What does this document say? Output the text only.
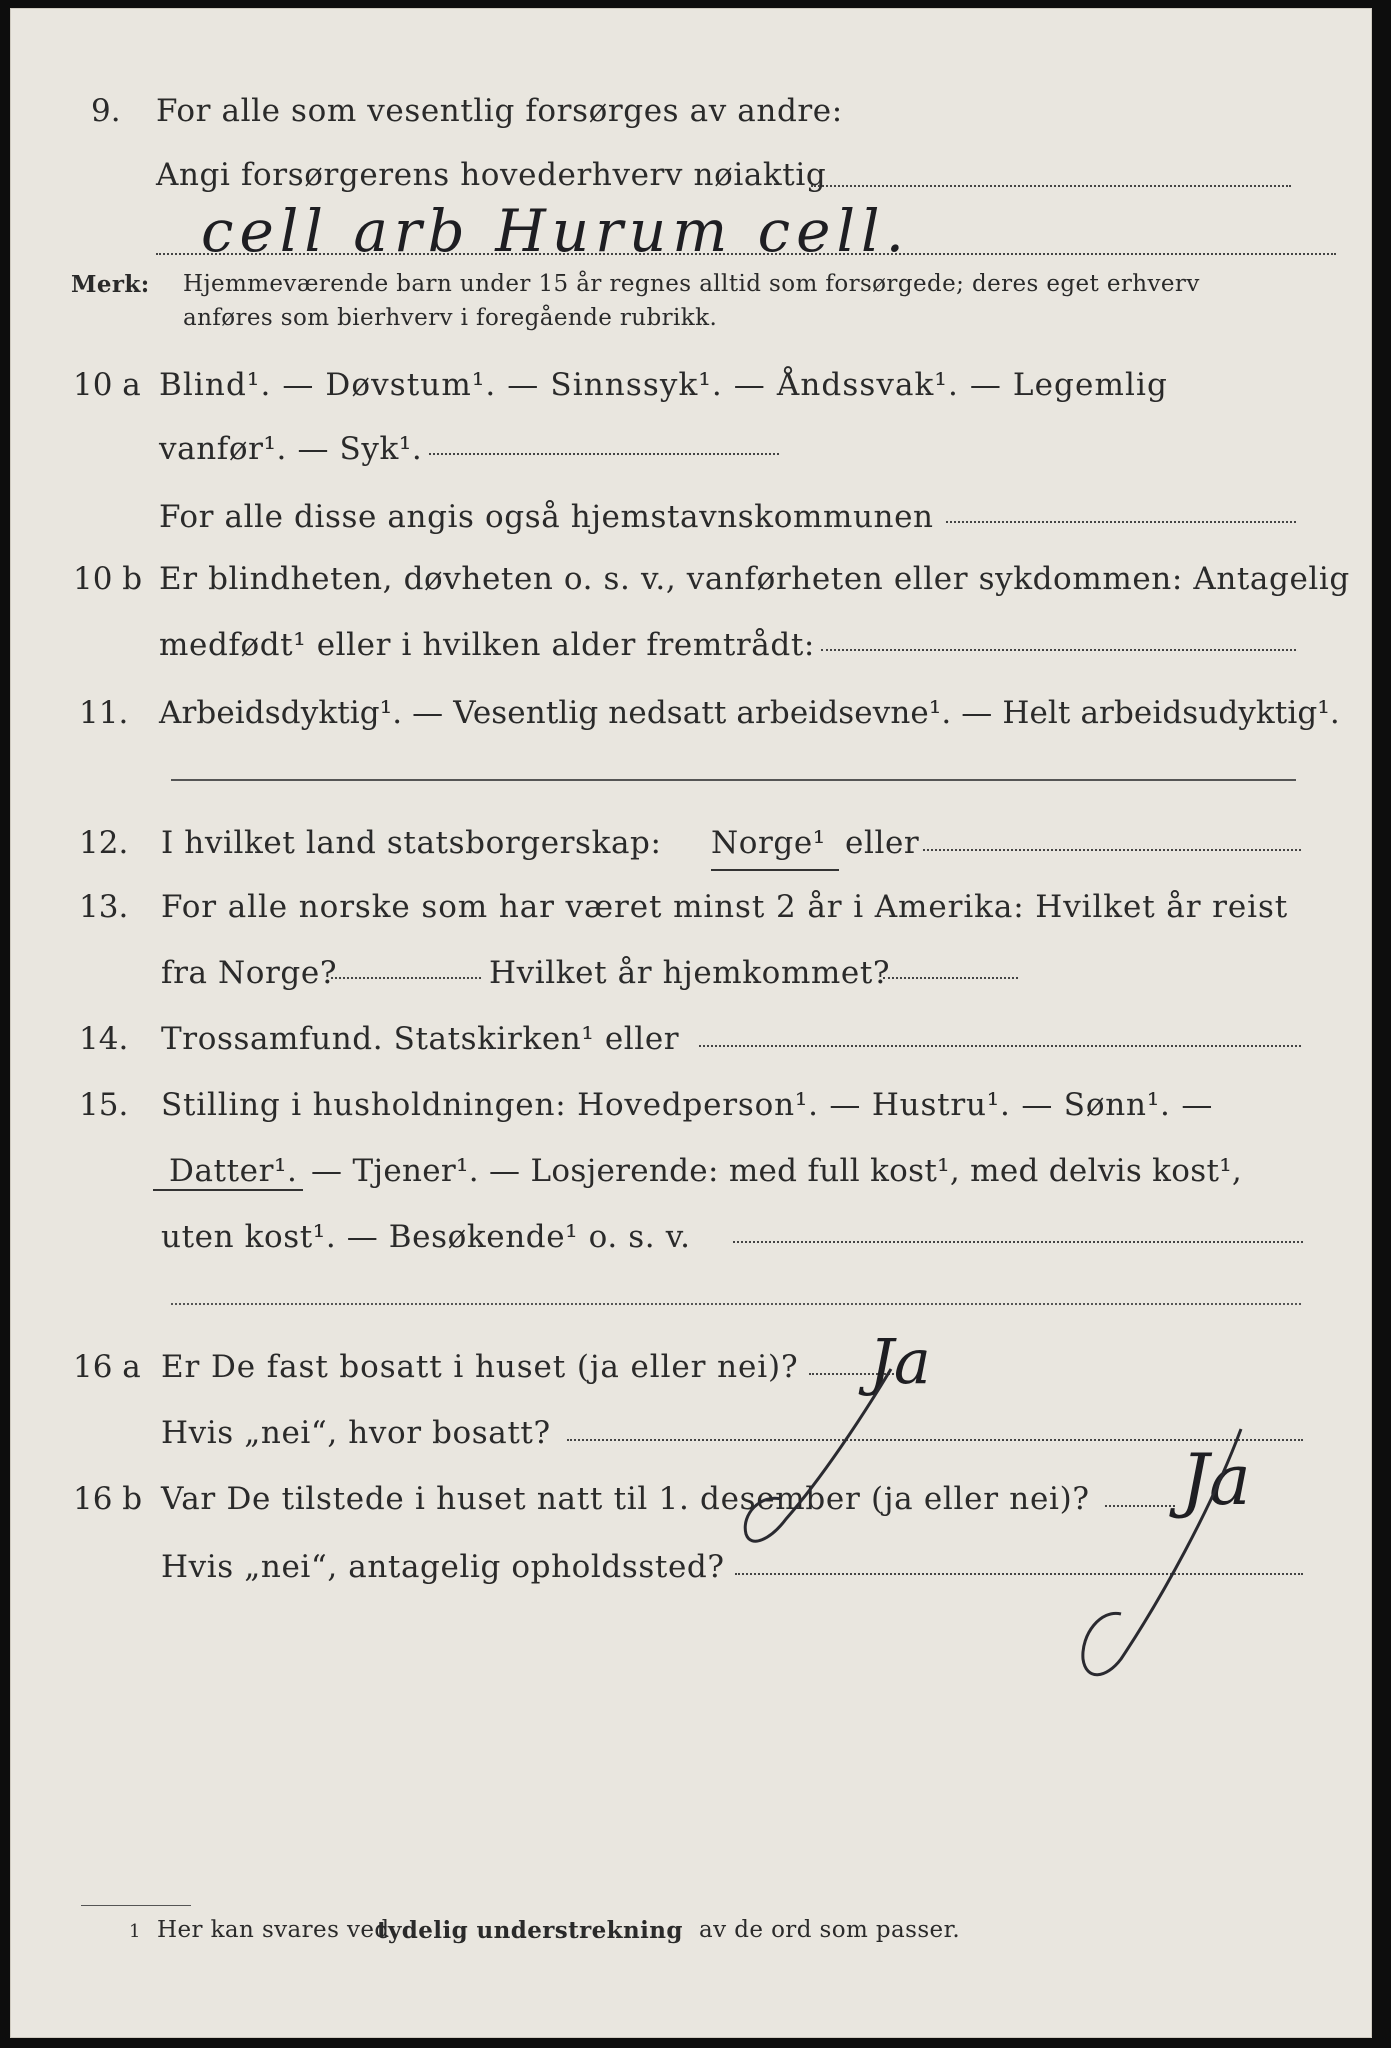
9. For alle som vesentlig forsørges av andre:
Angi forsørgerens hovederhverv nøiaktig
cell arb Hurum cell.
Merk: Hjemmeværende barn under 15 år regnes alltid som forsørgede; deres eget erhverv
anføres som bierhverv i foregående rubrikk.
10 a Blind¹. — Døvstum¹. — Sinnssyk¹. — Åndssvak¹. — Legemlig
vanfør¹. — Syk¹.
For alle disse angis også hjemstavnskommunen
10 b Er blindheten, døvheten o. s. v., vanførheten eller sykdommen: Antagelig
medfødt¹ eller i hvilken alder fremtrådt:
11. Arbeidsdyktig¹. — Vesentlig nedsatt arbeidsevne¹. — Helt arbeidsudyktig¹.
12. I hvilket land statsborgerskap: Norge¹ eller
13. For alle norske som har været minst 2 år i Amerika: Hvilket år reist
fra Norge?	Hvilket år hjemkommet?
14. Trossamfund. Statskirken¹ eller
15. Stilling i husholdningen: Hovedperson¹. — Hustru¹. — Sønn¹. —
Datter¹. — Tjener¹. — Losjerende: med full kost¹, med delvis kost¹,
uten kost¹. — Besøkende¹ o. s. v.
16 a Er De fast bosatt i huset (ja eller nei)? Ja
Hvis „nei“, hvor bosatt?
16 b Var De tilstede i huset natt til 1. desember (ja eller nei)? Ja
Hvis „nei“, antagelig opholdssted?
1 Her kan svares ved
tydelig understrekning av de ord som passer.
